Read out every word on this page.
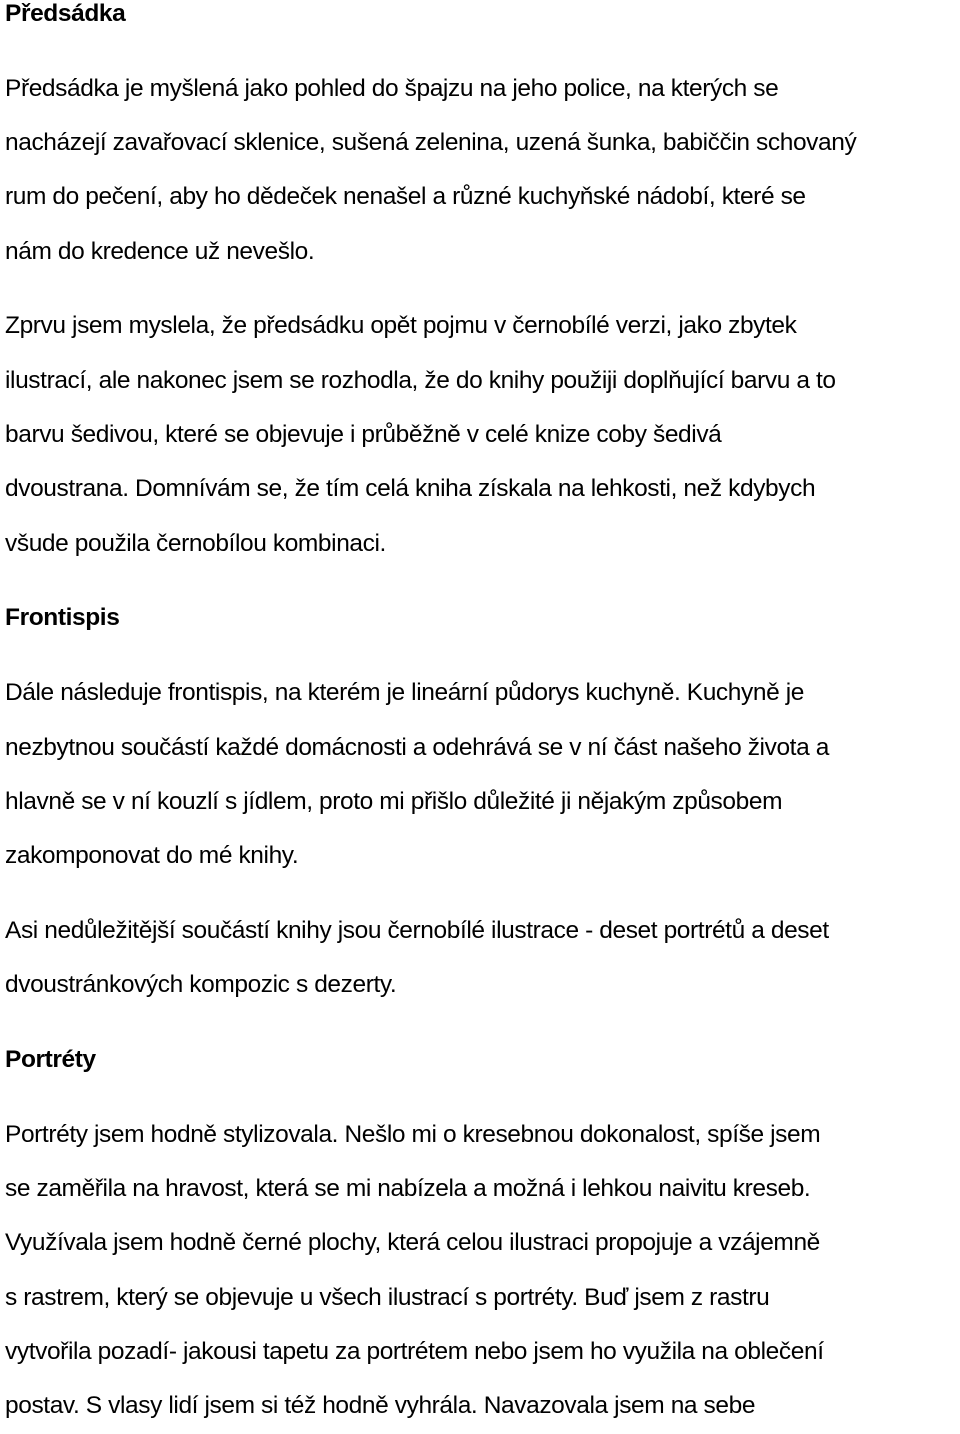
Předsádka
Předsádka je myšlená jako pohled do špajzu na jeho police, na kterých se
nacházejí zavařovací sklenice, sušená zelenina, uzená šunka, babiččin schovaný
rum do pečení, aby ho dědeček nenašel a různé kuchyňské nádobí, které se
nám do kredence už nevešlo.
Zprvu jsem myslela, že předsádku opět pojmu v černobílé verzi, jako zbytek
ilustrací, ale nakonec jsem se rozhodla, že do knihy použiji doplňující barvu a to
barvu šedivou, které se objevuje i průběžně v celé knize coby šedivá
dvoustrana. Domnívám se, že tím celá kniha získala na lehkosti, než kdybych
všude použila černobílou kombinaci.
Frontispis
Dále následuje frontispis, na kterém je lineární půdorys kuchyně. Kuchyně je
nezbytnou součástí každé domácnosti a odehrává se v ní část našeho života a
hlavně se v ní kouzlí s jídlem, proto mi přišlo důležité ji nějakým způsobem
zakomponovat do mé knihy.
Asi nedůležitější součástí knihy jsou černobílé ilustrace - deset portrétů a deset
dvoustránkových kompozic s dezerty.
Portréty
Portréty jsem hodně stylizovala. Nešlo mi o kresebnou dokonalost, spíše jsem
se zaměřila na hravost, která se mi nabízela a možná i lehkou naivitu kreseb.
Využívala jsem hodně černé plochy, která celou ilustraci propojuje a vzájemně
s rastrem, který se objevuje u všech ilustrací s portréty. Buď jsem z rastru
vytvořila pozadí- jakousi tapetu za portrétem nebo jsem ho využila na oblečení
postav. S vlasy lidí jsem si též hodně vyhrála. Navazovala jsem na sebe
